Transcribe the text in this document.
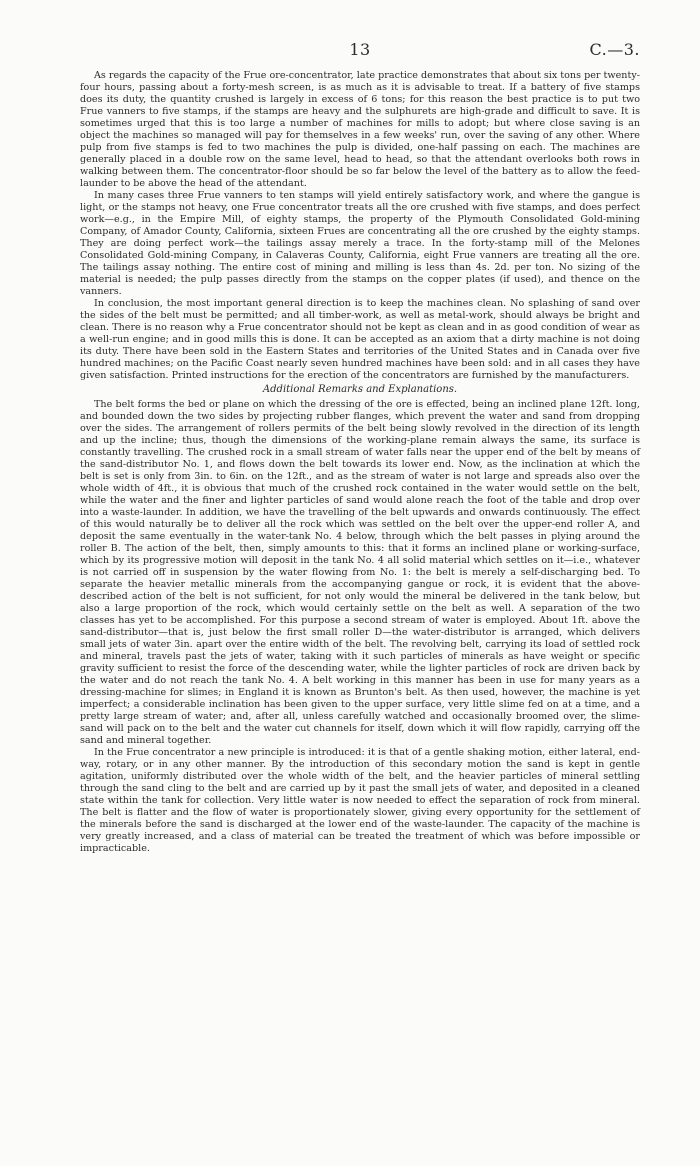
13	C.—3.

As regards the capacity of the Frue ore-concentrator, late practice demonstrates that about six tons per twenty-four hours, passing about a forty-mesh screen, is as much as it is advisable to treat. If a battery of five stamps does its duty, the quantity crushed is largely in excess of 6 tons; for this reason the best practice is to put two Frue vanners to five stamps, if the stamps are heavy and the sulphurets are high-grade and difficult to save. It is sometimes urged that this is too large a number of machines for mills to adopt; but where close saving is an object the machines so managed will pay for themselves in a few weeks' run, over the saving of any other. Where pulp from five stamps is fed to two machines the pulp is divided, one-half passing on each. The machines are generally placed in a double row on the same level, head to head, so that the attendant overlooks both rows in walking between them. The concentrator-floor should be so far below the level of the battery as to allow the feed-launder to be above the head of the attendant.

In many cases three Frue vanners to ten stamps will yield entirely satisfactory work, and where the gangue is light, or the stamps not heavy, one Frue concentrator treats all the ore crushed with five stamps, and does perfect work—e.g., in the Empire Mill, of eighty stamps, the property of the Plymouth Consolidated Gold-mining Company, of Amador County, California, sixteen Frues are concentrating all the ore crushed by the eighty stamps. They are doing perfect work—the tailings assay merely a trace. In the forty-stamp mill of the Melones Consolidated Gold-mining Company, in Calaveras County, California, eight Frue vanners are treating all the ore. The tailings assay nothing. The entire cost of mining and milling is less than 4s. 2d. per ton. No sizing of the material is needed; the pulp passes directly from the stamps on the copper plates (if used), and thence on the vanners.

In conclusion, the most important general direction is to keep the machines clean. No splashing of sand over the sides of the belt must be permitted; and all timber-work, as well as metal-work, should always be bright and clean. There is no reason why a Frue concentrator should not be kept as clean and in as good condition of wear as a well-run engine; and in good mills this is done. It can be accepted as an axiom that a dirty machine is not doing its duty. There have been sold in the Eastern States and territories of the United States and in Canada over five hundred machines; on the Pacific Coast nearly seven hundred machines have been sold: and in all cases they have given satisfaction. Printed instructions for the erection of the concentrators are furnished by the manufacturers.

Additional Remarks and Explanations.

The belt forms the bed or plane on which the dressing of the ore is effected, being an inclined plane 12ft. long, and bounded down the two sides by projecting rubber flanges, which prevent the water and sand from dropping over the sides. The arrangement of rollers permits of the belt being slowly revolved in the direction of its length and up the incline; thus, though the dimensions of the working-plane remain always the same, its surface is constantly travelling. The crushed rock in a small stream of water falls near the upper end of the belt by means of the sand-distributor No. 1, and flows down the belt towards its lower end. Now, as the inclination at which the belt is set is only from 3in. to 6in. on the 12ft., and as the stream of water is not large and spreads also over the whole width of 4ft., it is obvious that much of the crushed rock contained in the water would settle on the belt, while the water and the finer and lighter particles of sand would alone reach the foot of the table and drop over into a waste-launder. In addition, we have the travelling of the belt upwards and onwards continuously. The effect of this would naturally be to deliver all the rock which was settled on the belt over the upper-end roller A, and deposit the same eventually in the water-tank No. 4 below, through which the belt passes in plying around the roller B. The action of the belt, then, simply amounts to this: that it forms an inclined plane or working-surface, which by its progressive motion will deposit in the tank No. 4 all solid material which settles on it—i.e., whatever is not carried off in suspension by the water flowing from No. 1: the belt is merely a self-discharging bed. To separate the heavier metallic minerals from the accompanying gangue or rock, it is evident that the above-described action of the belt is not sufficient, for not only would the mineral be delivered in the tank below, but also a large proportion of the rock, which would certainly settle on the belt as well. A separation of the two classes has yet to be accomplished. For this purpose a second stream of water is employed. About 1ft. above the sand-distributor—that is, just below the first small roller D—the water-distributor is arranged, which delivers small jets of water 3in. apart over the entire width of the belt. The revolving belt, carrying its load of settled rock and mineral, travels past the jets of water, taking with it such particles of minerals as have weight or specific gravity sufficient to resist the force of the descending water, while the lighter particles of rock are driven back by the water and do not reach the tank No. 4. A belt working in this manner has been in use for many years as a dressing-machine for slimes; in England it is known as Brunton's belt. As then used, however, the machine is yet imperfect; a considerable inclination has been given to the upper surface, very little slime fed on at a time, and a pretty large stream of water; and, after all, unless carefully watched and occasionally broomed over, the slime-sand will pack on to the belt and the water cut channels for itself, down which it will flow rapidly, carrying off the sand and mineral together.

In the Frue concentrator a new principle is introduced: it is that of a gentle shaking motion, either lateral, end-way, rotary, or in any other manner. By the introduction of this secondary motion the sand is kept in gentle agitation, uniformly distributed over the whole width of the belt, and the heavier particles of mineral settling through the sand cling to the belt and are carried up by it past the small jets of water, and deposited in a cleaned state within the tank for collection. Very little water is now needed to effect the separation of rock from mineral. The belt is flatter and the flow of water is proportionately slower, giving every opportunity for the settlement of the minerals before the sand is discharged at the lower end of the waste-launder. The capacity of the machine is very greatly increased, and a class of material can be treated the treatment of which was before impossible or impracticable.
